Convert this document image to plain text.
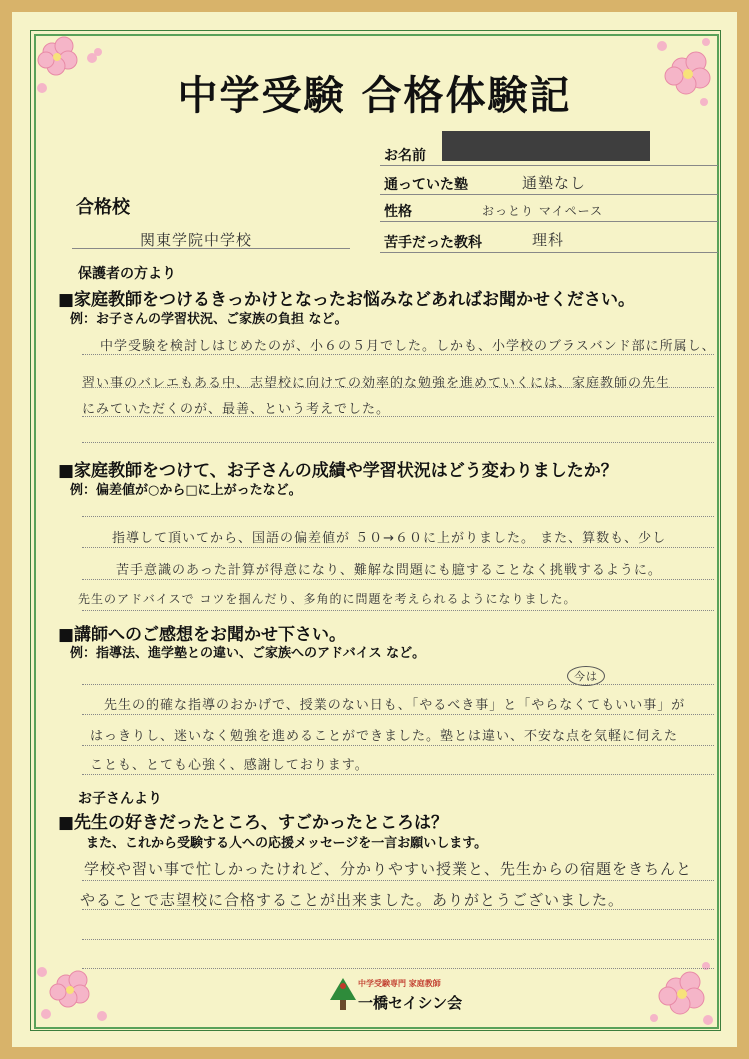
中学受験 合格体験記
お名前
通っていた塾	通塾なし
性格	おっとり マイペース
苦手だった教科	理科
合格校
関東学院中学校
保護者の方より
■家庭教師をつけるきっかけとなったお悩みなどあればお聞かせください。
例：お子さんの学習状況、ご家族の負担 など。
中学受験を検討しはじめたのが、小６の５月でした。しかも、小学校のブラスバンド部に所属し、
習い事のバレエもある中、志望校に向けての効率的な勉強を進めていくには、家庭教師の先生
にみていただくのが、最善、という考えでした。
■家庭教師をつけて、お子さんの成績や学習状況はどう変わりましたか？
例：偏差値が○から□に上がったなど。
指導して頂いてから、国語の偏差値が ５０→６０に上がりました。 また、算数も、少し
苦手意識のあった計算が得意になり、難解な問題にも臆することなく挑戦するように。
先生のアドバイスで コツを掴んだり、多角的に問題を考えられるようになりました。
■講師へのご感想をお聞かせ下さい。
例：指導法、進学塾との違い、ご家族へのアドバイス など。
今は
先生の的確な指導のおかげで、授業のない日も、「やるべき事」と「やらなくてもいい事」が
はっきりし、迷いなく勉強を進めることができました。塾とは違い、不安な点を気軽に伺えた
ことも、とても心強く、感謝しております。
お子さんより
■先生の好きだったところ、すごかったところは？
また、これから受験する人への応援メッセージを一言お願いします。
学校や習い事で忙しかったけれど、分かりやすい授業と、先生からの宿題をきちんと
やることで志望校に合格することが出来ました。ありがとうございました。
中学受験専門 家庭教師
一橋セイシン会
